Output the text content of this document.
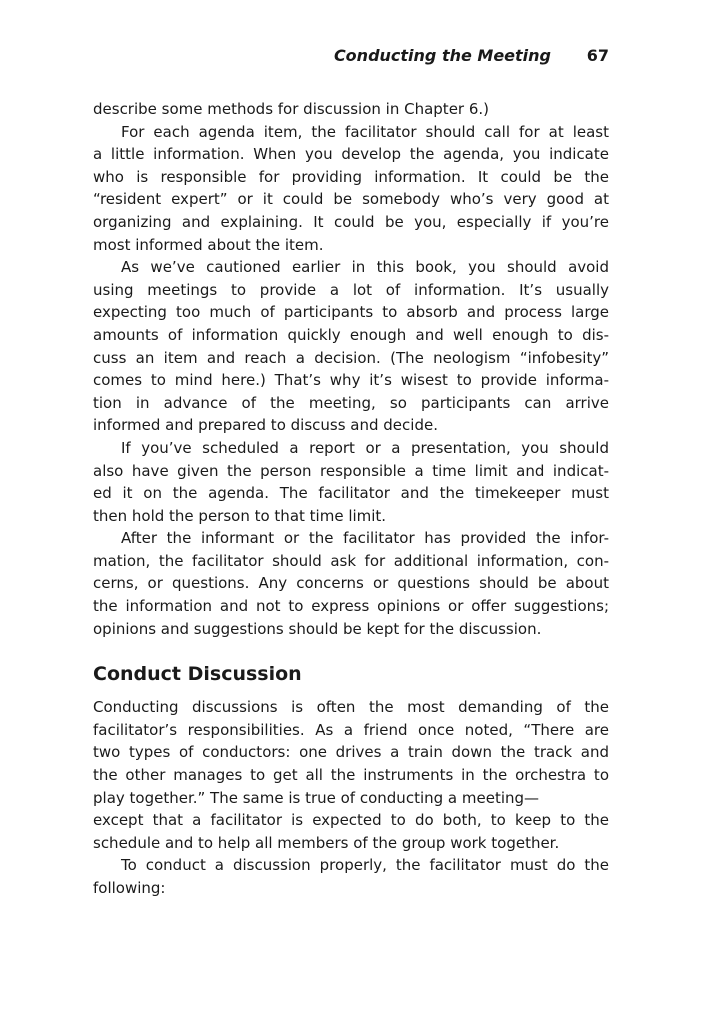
Conducting the Meeting 67
describe some methods for discussion in Chapter 6.)
For each agenda item, the facilitator should call for at least
a little information. When you develop the agenda, you indicate
who is responsible for providing information. It could be the
“resident expert” or it could be somebody who’s very good at
organizing and explaining. It could be you, especially if you’re
most informed about the item.
As we’ve cautioned earlier in this book, you should avoid
using meetings to provide a lot of information. It’s usually
expecting too much of participants to absorb and process large
amounts of information quickly enough and well enough to dis-
cuss an item and reach a decision. (The neologism “infobesity”
comes to mind here.) That’s why it’s wisest to provide informa-
tion in advance of the meeting, so participants can arrive
informed and prepared to discuss and decide.
If you’ve scheduled a report or a presentation, you should
also have given the person responsible a time limit and indicat-
ed it on the agenda. The facilitator and the timekeeper must
then hold the person to that time limit.
After the informant or the facilitator has provided the infor-
mation, the facilitator should ask for additional information, con-
cerns, or questions. Any concerns or questions should be about
the information and not to express opinions or offer suggestions;
opinions and suggestions should be kept for the discussion.
Conduct Discussion
Conducting discussions is often the most demanding of the
facilitator’s responsibilities. As a friend once noted, “There are
two types of conductors: one drives a train down the track and
the other manages to get all the instruments in the orchestra to
play together.” The same is true of conducting a meeting—
except that a facilitator is expected to do both, to keep to the
schedule and to help all members of the group work together.
To conduct a discussion properly, the facilitator must do the
following:
